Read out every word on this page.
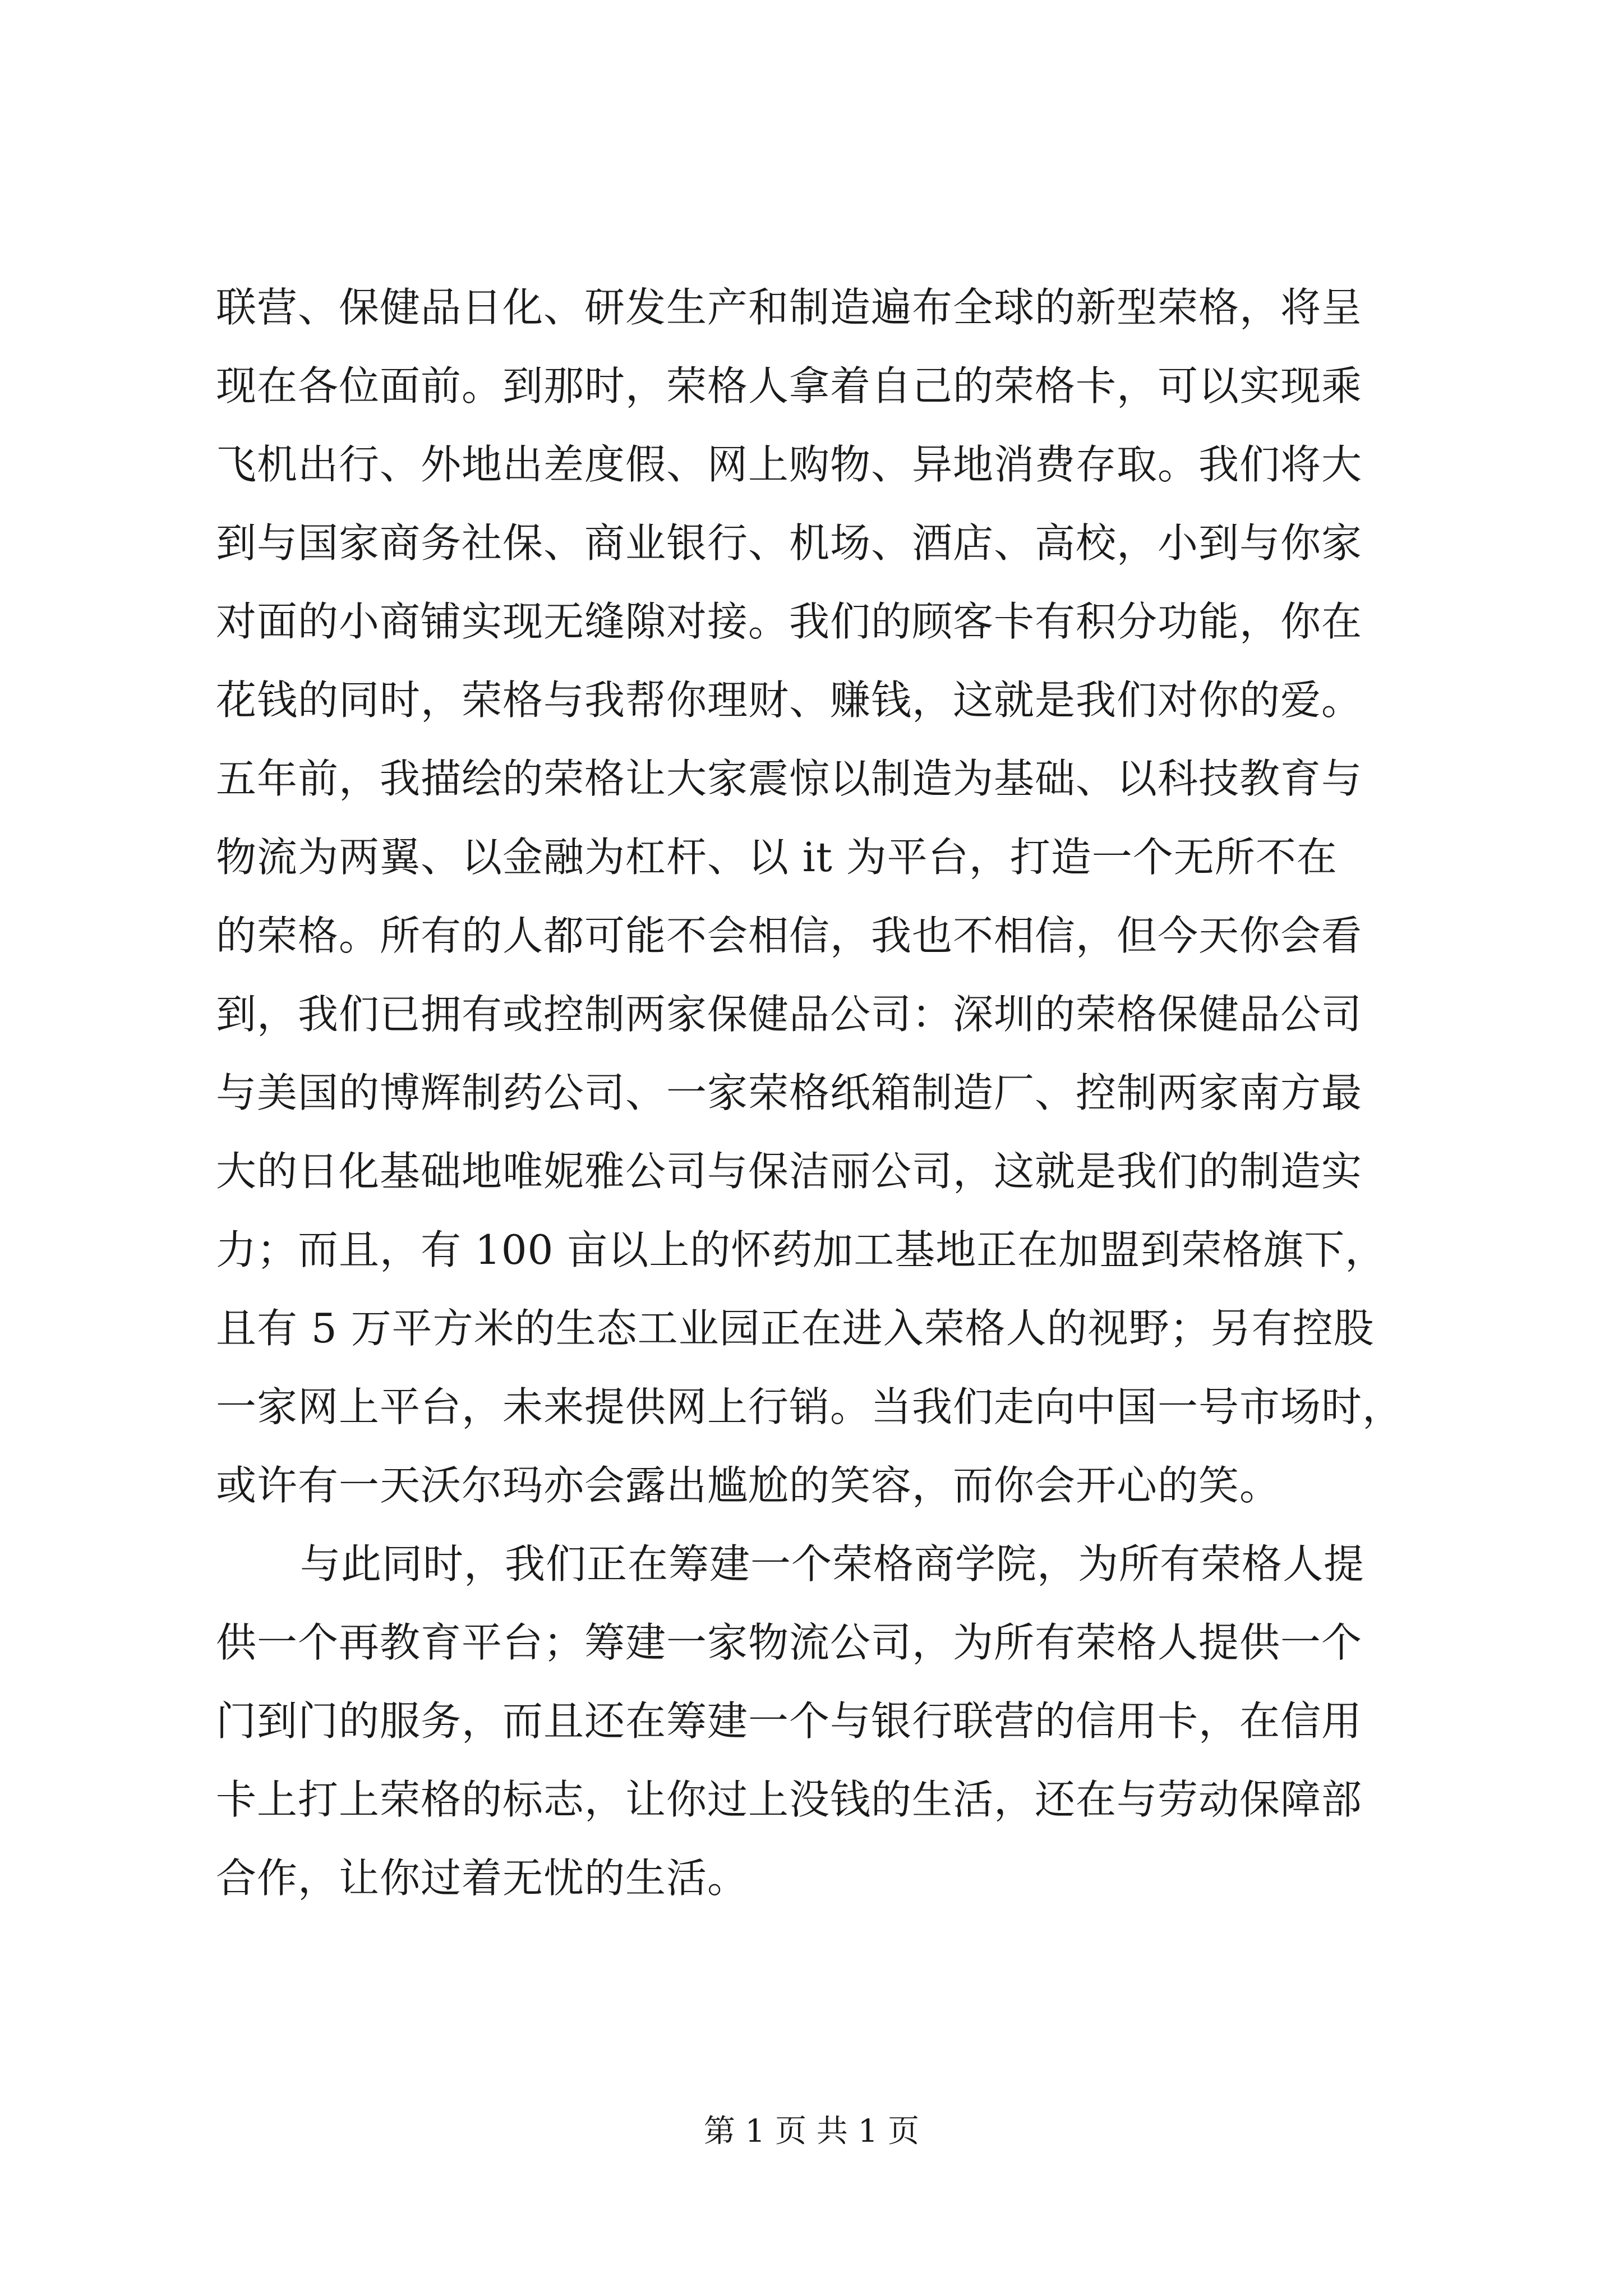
联营、保健品日化、研发生产和制造遍布全球的新型荣格，将呈
现在各位面前。到那时，荣格人拿着自己的荣格卡，可以实现乘
飞机出行、外地出差度假、网上购物、异地消费存取。我们将大
到与国家商务社保、商业银行、机场、酒店、高校，小到与你家
对面的小商铺实现无缝隙对接。我们的顾客卡有积分功能，你在
花钱的同时，荣格与我帮你理财、赚钱，这就是我们对你的爱。
五年前，我描绘的荣格让大家震惊以制造为基础、以科技教育与
物流为两翼、以金融为杠杆、以 it 为平台，打造一个无所不在
的荣格。所有的人都可能不会相信，我也不相信，但今天你会看
到，我们已拥有或控制两家保健品公司：深圳的荣格保健品公司
与美国的博辉制药公司、一家荣格纸箱制造厂、控制两家南方最
大的日化基础地唯妮雅公司与保洁丽公司，这就是我们的制造实
力；而且，有 100 亩以上的怀药加工基地正在加盟到荣格旗下，
且有 5 万平方米的生态工业园正在进入荣格人的视野；另有控股
一家网上平台，未来提供网上行销。当我们走向中国一号市场时，
或许有一天沃尔玛亦会露出尴尬的笑容，而你会开心的笑。
与此同时，我们正在筹建一个荣格商学院，为所有荣格人提
供一个再教育平台；筹建一家物流公司，为所有荣格人提供一个
门到门的服务，而且还在筹建一个与银行联营的信用卡，在信用
卡上打上荣格的标志，让你过上没钱的生活，还在与劳动保障部
合作，让你过着无忧的生活。
第 1 页 共 1 页
